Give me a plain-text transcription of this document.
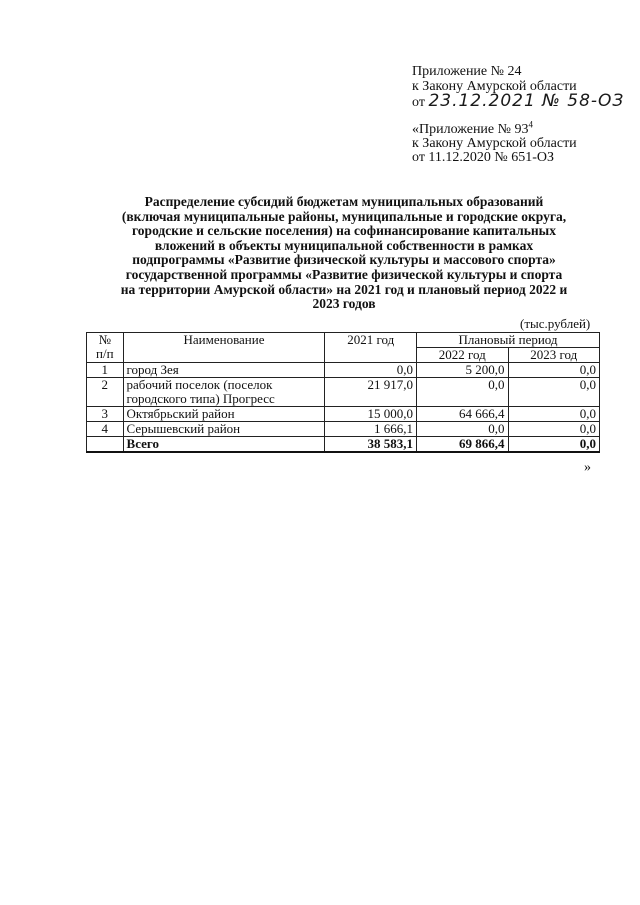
Приложение № 24
к Закону Амурской области
от 23.12.2021 № 58-ОЗ
«Приложение № $93^4$
к Закону Амурской области
от 11.12.2020 № 651-ОЗ
Распределение субсидий бюджетам муниципальных образований
(включая муниципальные районы, муниципальные и городские округа,
городские и сельские поселения) на софинансирование капитальных
вложений в объекты муниципальной собственности в рамках
подпрограммы «Развитие физической культуры и массового спорта»
государственной программы «Развитие физической культуры и спорта
на территории Амурской области» на 2021 год и плановый период 2022 и
2023 годов
(тыс.рублей)
№
п/п	Наименование	2021 год	Плановый период	
			2022 год	2023 год
1	город Зея	0,0	5 200,0	0,0
2	рабочий поселок (поселок
городского типа) Прогресс	21 917,0	0,0	0,0
3	Октябрьский район	15 000,0	64 666,4	0,0
4	Серышевский район	1 666,1	0,0	0,0
	Всего	38 583,1	69 866,4	0,0
»
